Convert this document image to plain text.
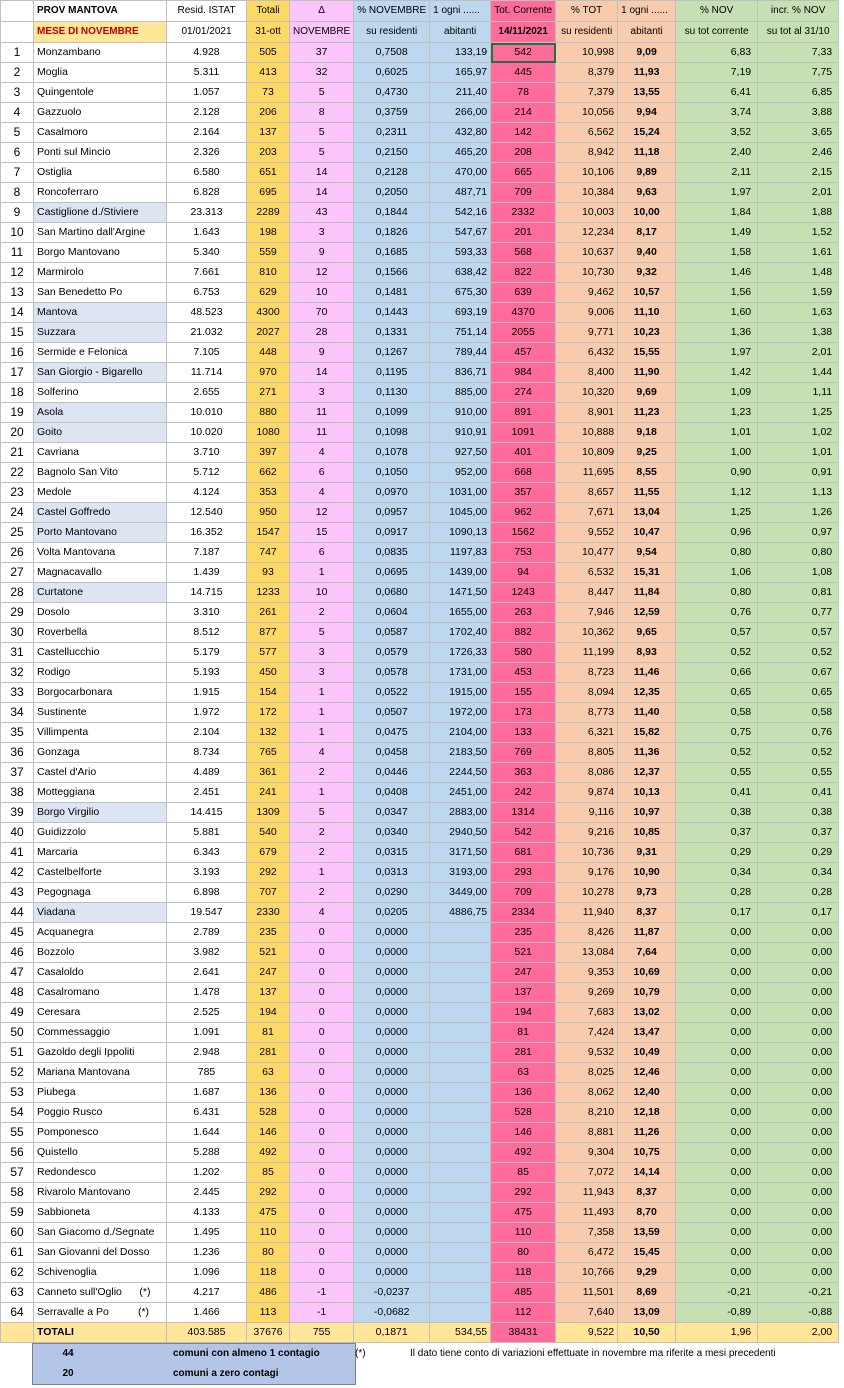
	PROV MANTOVA	Resid. ISTAT	Totali	Δ	% NOVEMBRE	1 ogni ......	Tot. Corrente	% TOT	1 ogni ......	% NOV	incr. % NOV
	MESE DI NOVEMBRE	01/01/2021	31-ott	NOVEMBRE	su residenti	abitanti	14/11/2021	su residenti	abitanti	su tot corrente	su tot al 31/10
1	Monzambano	4.928	505	37	0,7508	133,19	542	10,998	9,09	6,83	7,33
2	Moglia	5.311	413	32	0,6025	165,97	445	8,379	11,93	7,19	7,75
3	Quingentole	1.057	73	5	0,4730	211,40	78	7,379	13,55	6,41	6,85
4	Gazzuolo	2.128	206	8	0,3759	266,00	214	10,056	9,94	3,74	3,88
5	Casalmoro	2.164	137	5	0,2311	432,80	142	6,562	15,24	3,52	3,65
6	Ponti sul Mincio	2.326	203	5	0,2150	465,20	208	8,942	11,18	2,40	2,46
7	Ostiglia	6.580	651	14	0,2128	470,00	665	10,106	9,89	2,11	2,15
8	Roncoferraro	6.828	695	14	0,2050	487,71	709	10,384	9,63	1,97	2,01
9	Castiglione d./Stiviere	23.313	2289	43	0,1844	542,16	2332	10,003	10,00	1,84	1,88
10	San Martino dall'Argine	1.643	198	3	0,1826	547,67	201	12,234	8,17	1,49	1,52
11	Borgo Mantovano	5.340	559	9	0,1685	593,33	568	10,637	9,40	1,58	1,61
12	Marmirolo	7.661	810	12	0,1566	638,42	822	10,730	9,32	1,46	1,48
13	San Benedetto Po	6.753	629	10	0,1481	675,30	639	9,462	10,57	1,56	1,59
14	Mantova	48.523	4300	70	0,1443	693,19	4370	9,006	11,10	1,60	1,63
15	Suzzara	21.032	2027	28	0,1331	751,14	2055	9,771	10,23	1,36	1,38
16	Sermide e Felonica	7.105	448	9	0,1267	789,44	457	6,432	15,55	1,97	2,01
17	San Giorgio - Bigarello	11.714	970	14	0,1195	836,71	984	8,400	11,90	1,42	1,44
18	Solferino	2.655	271	3	0,1130	885,00	274	10,320	9,69	1,09	1,11
19	Asola	10.010	880	11	0,1099	910,00	891	8,901	11,23	1,23	1,25
20	Goito	10.020	1080	11	0,1098	910,91	1091	10,888	9,18	1,01	1,02
21	Cavriana	3.710	397	4	0,1078	927,50	401	10,809	9,25	1,00	1,01
22	Bagnolo San Vito	5.712	662	6	0,1050	952,00	668	11,695	8,55	0,90	0,91
23	Medole	4.124	353	4	0,0970	1031,00	357	8,657	11,55	1,12	1,13
24	Castel Goffredo	12.540	950	12	0,0957	1045,00	962	7,671	13,04	1,25	1,26
25	Porto Mantovano	16.352	1547	15	0,0917	1090,13	1562	9,552	10,47	0,96	0,97
26	Volta Mantovana	7.187	747	6	0,0835	1197,83	753	10,477	9,54	0,80	0,80
27	Magnacavallo	1.439	93	1	0,0695	1439,00	94	6,532	15,31	1,06	1,08
28	Curtatone	14.715	1233	10	0,0680	1471,50	1243	8,447	11,84	0,80	0,81
29	Dosolo	3.310	261	2	0,0604	1655,00	263	7,946	12,59	0,76	0,77
30	Roverbella	8.512	877	5	0,0587	1702,40	882	10,362	9,65	0,57	0,57
31	Castellucchio	5.179	577	3	0,0579	1726,33	580	11,199	8,93	0,52	0,52
32	Rodigo	5.193	450	3	0,0578	1731,00	453	8,723	11,46	0,66	0,67
33	Borgocarbonara	1.915	154	1	0,0522	1915,00	155	8,094	12,35	0,65	0,65
34	Sustinente	1.972	172	1	0,0507	1972,00	173	8,773	11,40	0,58	0,58
35	Villimpenta	2.104	132	1	0,0475	2104,00	133	6,321	15,82	0,75	0,76
36	Gonzaga	8.734	765	4	0,0458	2183,50	769	8,805	11,36	0,52	0,52
37	Castel d'Ario	4.489	361	2	0,0446	2244,50	363	8,086	12,37	0,55	0,55
38	Motteggiana	2.451	241	1	0,0408	2451,00	242	9,874	10,13	0,41	0,41
39	Borgo Virgilio	14.415	1309	5	0,0347	2883,00	1314	9,116	10,97	0,38	0,38
40	Guidizzolo	5.881	540	2	0,0340	2940,50	542	9,216	10,85	0,37	0,37
41	Marcaria	6.343	679	2	0,0315	3171,50	681	10,736	9,31	0,29	0,29
42	Castelbelforte	3.193	292	1	0,0313	3193,00	293	9,176	10,90	0,34	0,34
43	Pegognaga	6.898	707	2	0,0290	3449,00	709	10,278	9,73	0,28	0,28
44	Viadana	19.547	2330	4	0,0205	4886,75	2334	11,940	8,37	0,17	0,17
45	Acquanegra	2.789	235	0	0,0000		235	8,426	11,87	0,00	0,00
46	Bozzolo	3.982	521	0	0,0000		521	13,084	7,64	0,00	0,00
47	Casaloldo	2.641	247	0	0,0000		247	9,353	10,69	0,00	0,00
48	Casalromano	1.478	137	0	0,0000		137	9,269	10,79	0,00	0,00
49	Ceresara	2.525	194	0	0,0000		194	7,683	13,02	0,00	0,00
50	Commessaggio	1.091	81	0	0,0000		81	7,424	13,47	0,00	0,00
51	Gazoldo degli Ippoliti	2.948	281	0	0,0000		281	9,532	10,49	0,00	0,00
52	Mariana Mantovana	785	63	0	0,0000		63	8,025	12,46	0,00	0,00
53	Piubega	1.687	136	0	0,0000		136	8,062	12,40	0,00	0,00
54	Poggio Rusco	6.431	528	0	0,0000		528	8,210	12,18	0,00	0,00
55	Pomponesco	1.644	146	0	0,0000		146	8,881	11,26	0,00	0,00
56	Quistello	5.288	492	0	0,0000		492	9,304	10,75	0,00	0,00
57	Redondesco	1.202	85	0	0,0000		85	7,072	14,14	0,00	0,00
58	Rivarolo Mantovano	2.445	292	0	0,0000		292	11,943	8,37	0,00	0,00
59	Sabbioneta	4.133	475	0	0,0000		475	11,493	8,70	0,00	0,00
60	San Giacomo d./Segnate	1.495	110	0	0,0000		110	7,358	13,59	0,00	0,00
61	San Giovanni del Dosso	1.236	80	0	0,0000		80	6,472	15,45	0,00	0,00
62	Schivenoglia	1.096	118	0	0,0000		118	10,766	9,29	0,00	0,00
63	Canneto sull'Oglio      (*)	4.217	486	-1	-0,0237		485	11,501	8,69	-0,21	-0,21
64	Serravalle a Po          (*)	1.466	113	-1	-0,0682		112	7,640	13,09	-0,89	-0,88
	TOTALI	403.585	37676	755	0,1871	534,55	38431	9,522	10,50	1,96	2,00
44	comuni con almeno 1 contagio
20	comuni a zero contagi
(*)	Il dato tiene conto di variazioni effettuate in novembre ma riferite a mesi precedenti
